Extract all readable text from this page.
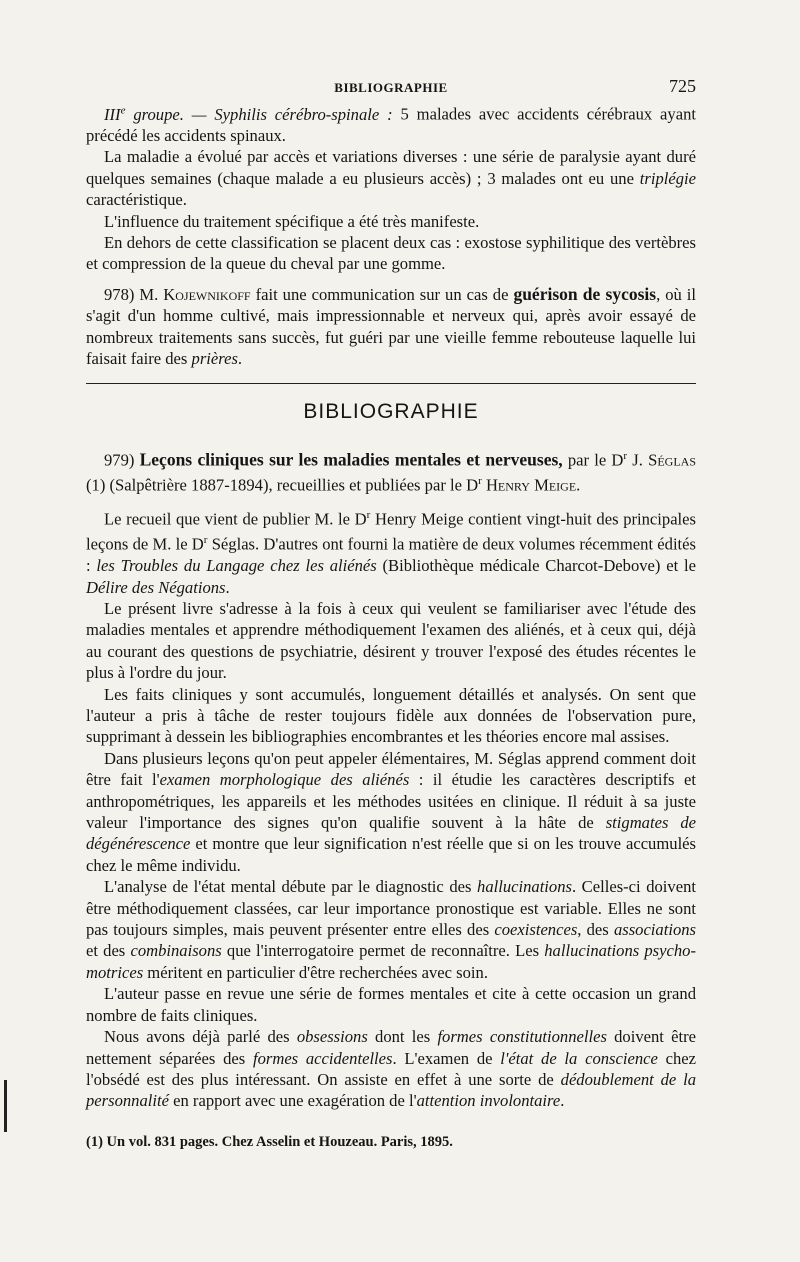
BIBLIOGRAPHIE	725

IIIe groupe. — Syphilis cérébro-spinale : 5 malades avec accidents cérébraux ayant précédé les accidents spinaux.

La maladie a évolué par accès et variations diverses : une série de paralysie ayant duré quelques semaines (chaque malade a eu plusieurs accès) ; 3 malades ont eu une triplégie caractéristique.

L'influence du traitement spécifique a été très manifeste.

En dehors de cette classification se placent deux cas : exostose syphilitique des vertèbres et compression de la queue du cheval par une gomme.

978) M. Kojewnikoff fait une communication sur un cas de guérison de sycosis, où il s'agit d'un homme cultivé, mais impressionnable et nerveux qui, après avoir essayé de nombreux traitements sans succès, fut guéri par une vieille femme rebouteuse laquelle lui faisait faire des prières.

BIBLIOGRAPHIE

979) Leçons cliniques sur les maladies mentales et nerveuses, par le $D^r$ J. Séglas (1) (Salpêtrière 1887-1894), recueillies et publiées par le $D^r$ Henry Meige.

Le recueil que vient de publier M. le $D^r$ Henry Meige contient vingt-huit des principales leçons de M. le $D^r$ Séglas. D'autres ont fourni la matière de deux volumes récemment édités : les Troubles du Langage chez les aliénés (Bibliothèque médicale Charcot-Debove) et le Délire des Négations.

Le présent livre s'adresse à la fois à ceux qui veulent se familiariser avec l'étude des maladies mentales et apprendre méthodiquement l'examen des aliénés, et à ceux qui, déjà au courant des questions de psychiatrie, désirent y trouver l'exposé des études récentes le plus à l'ordre du jour.

Les faits cliniques y sont accumulés, longuement détaillés et analysés. On sent que l'auteur a pris à tâche de rester toujours fidèle aux données de l'observation pure, supprimant à dessein les bibliographies encombrantes et les théories encore mal assises.

Dans plusieurs leçons qu'on peut appeler élémentaires, M. Séglas apprend comment doit être fait l'examen morphologique des aliénés : il étudie les caractères descriptifs et anthropométriques, les appareils et les méthodes usitées en clinique. Il réduit à sa juste valeur l'importance des signes qu'on qualifie souvent à la hâte de stigmates de dégénérescence et montre que leur signification n'est réelle que si on les trouve accumulés chez le même individu.

L'analyse de l'état mental débute par le diagnostic des hallucinations. Celles-ci doivent être méthodiquement classées, car leur importance pronostique est variable. Elles ne sont pas toujours simples, mais peuvent présenter entre elles des coexistences, des associations et des combinaisons que l'interrogatoire permet de reconnaître. Les hallucinations psycho-motrices méritent en particulier d'être recherchées avec soin.

L'auteur passe en revue une série de formes mentales et cite à cette occasion un grand nombre de faits cliniques.

Nous avons déjà parlé des obsessions dont les formes constitutionnelles doivent être nettement séparées des formes accidentelles. L'examen de l'état de la conscience chez l'obsédé est des plus intéressant. On assiste en effet à une sorte de dédoublement de la personnalité en rapport avec une exagération de l'attention involontaire.

(1) Un vol. 831 pages. Chez Asselin et Houzeau. Paris, 1895.
